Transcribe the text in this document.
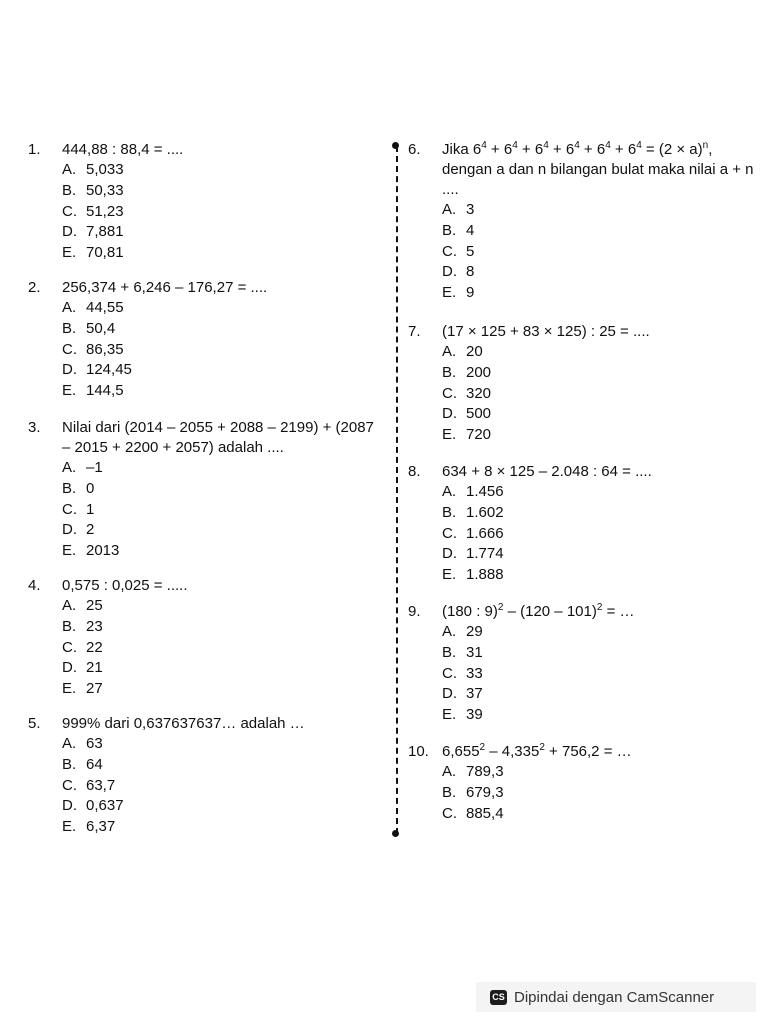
1.	444,88 : 88,4 = ....
A. 5,033
B. 50,33
C. 51,23
D. 7,881
E. 70,81
2.	256,374 + 6,246 – 176,27 = ....
A. 44,55
B. 50,4
C. 86,35
D. 124,45
E. 144,5
3.	Nilai dari (2014 – 2055 + 2088 – 2199) + (2087 – 2015 + 2200 + 2057) adalah ....
A. –1
B. 0
C. 1
D. 2
E. 2013
4.	0,575 : 0,025 = .....
A. 25
B. 23
C. 22
D. 21
E. 27
5.	999% dari 0,637637637… adalah …
A. 63
B. 64
C. 63,7
D. 0,637
E. 6,37
6.	Jika $6^4 + 6^4 + 6^4 + 6^4 + 6^4 + 6^4 = (2 \times a)^n$, dengan a dan n bilangan bulat maka nilai a + n ....
A. 3
B. 4
C. 5
D. 8
E. 9
7.	(17 × 125 + 83 × 125) : 25 = ....
A. 20
B. 200
C. 320
D. 500
E. 720
8.	634 + 8 × 125 – 2.048 : 64 = ....
A. 1.456
B. 1.602
C. 1.666
D. 1.774
E. 1.888
9.	(180 : 9)$^2$ – (120 – 101)$^2$ = …
A. 29
B. 31
C. 33
D. 37
E. 39
10. $6,655^2 - 4,335^2 + 756,2$ = …
A. 789,3
B. 679,3
C. 885,4
CS Dipindai dengan CamScanner
